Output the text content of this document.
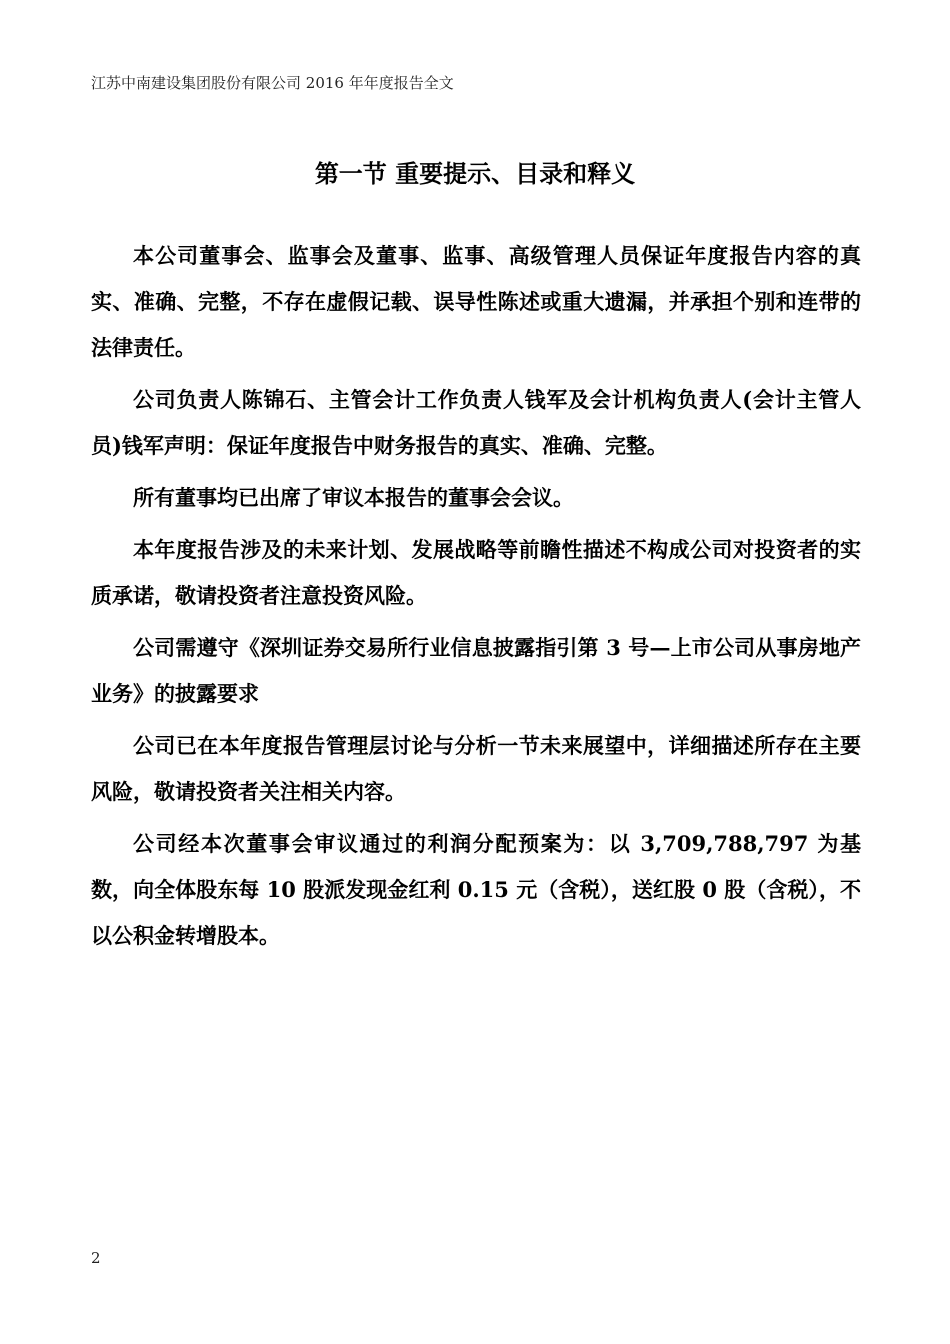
江苏中南建设集团股份有限公司 2016 年年度报告全文
第一节 重要提示、目录和释义

本公司董事会、监事会及董事、监事、高级管理人员保证年度报告内容的真实、准确、完整，不存在虚假记载、误导性陈述或重大遗漏，并承担个别和连带的法律责任。

公司负责人陈锦石、主管会计工作负责人钱军及会计机构负责人(会计主管人员)钱军声明：保证年度报告中财务报告的真实、准确、完整。

所有董事均已出席了审议本报告的董事会会议。

本年度报告涉及的未来计划、发展战略等前瞻性描述不构成公司对投资者的实质承诺，敬请投资者注意投资风险。

公司需遵守《深圳证券交易所行业信息披露指引第 3 号—上市公司从事房地产业务》的披露要求

公司已在本年度报告管理层讨论与分析一节未来展望中，详细描述所存在主要风险，敬请投资者关注相关内容。

公司经本次董事会审议通过的利润分配预案为：以 3,709,788,797 为基数，向全体股东每 10 股派发现金红利 0.15 元（含税），送红股 0 股（含税），不以公积金转增股本。

2
